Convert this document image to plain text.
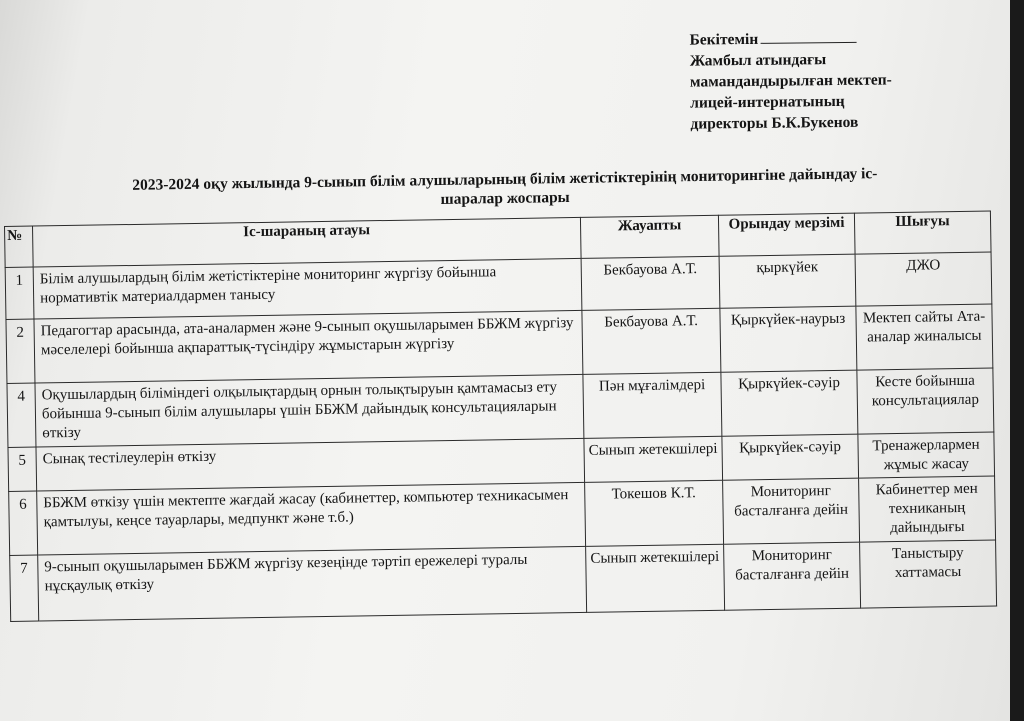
Бекітемін
Жамбыл атындағы
мамандандырылған мектеп-
лицей-интернатының
директоры Б.К.Букенов
2023-2024 оқу жылында 9-сынып білім алушыларының білім жетістіктерінің мониторингіне дайындау іс-
шаралар жоспары
№	Іс-шараның атауы	Жауапты	Орындау мерзімі	Шығуы
1	Білім алушылардың білім жетістіктеріне мониторинг жүргізу бойынша нормативтік материалдармен танысу	Бекбауова А.Т.	қыркүйек	ДЖО
2	Педагогтар арасында, ата-аналармен және 9-сынып оқушыларымен ББЖМ жүргізу мәселелері бойынша ақпараттық-түсіндіру жұмыстарын жүргізу	Бекбауова А.Т.	Қыркүйек-наурыз	Мектеп сайты Ата-аналар жиналысы
4	Оқушылардың біліміндегі олқылықтардың орнын толықтыруын қамтамасыз ету бойынша 9-сынып білім алушылары үшін ББЖМ дайындық консультацияларын өткізу	Пән мұғалімдері	Қыркүйек-сәуір	Кесте бойынша консультациялар
5	Сынақ тестілеулерін өткізу	Сынып жетекшілері	Қыркүйек-сәуір	Тренажерлармен жұмыс жасау
6	ББЖМ өткізу үшін мектепте жағдай жасау (кабинеттер, компьютер техникасымен қамтылуы, кеңсе тауарлары, медпункт және т.б.)	Токешов К.Т.	Мониторинг басталғанға дейін	Кабинеттер мен техниканың дайындығы
7	9-сынып оқушыларымен ББЖМ жүргізу кезеңінде тәртіп ережелері туралы нұсқаулық өткізу	Сынып жетекшілері	Мониторинг басталғанға дейін	Таныстыру хаттамасы
